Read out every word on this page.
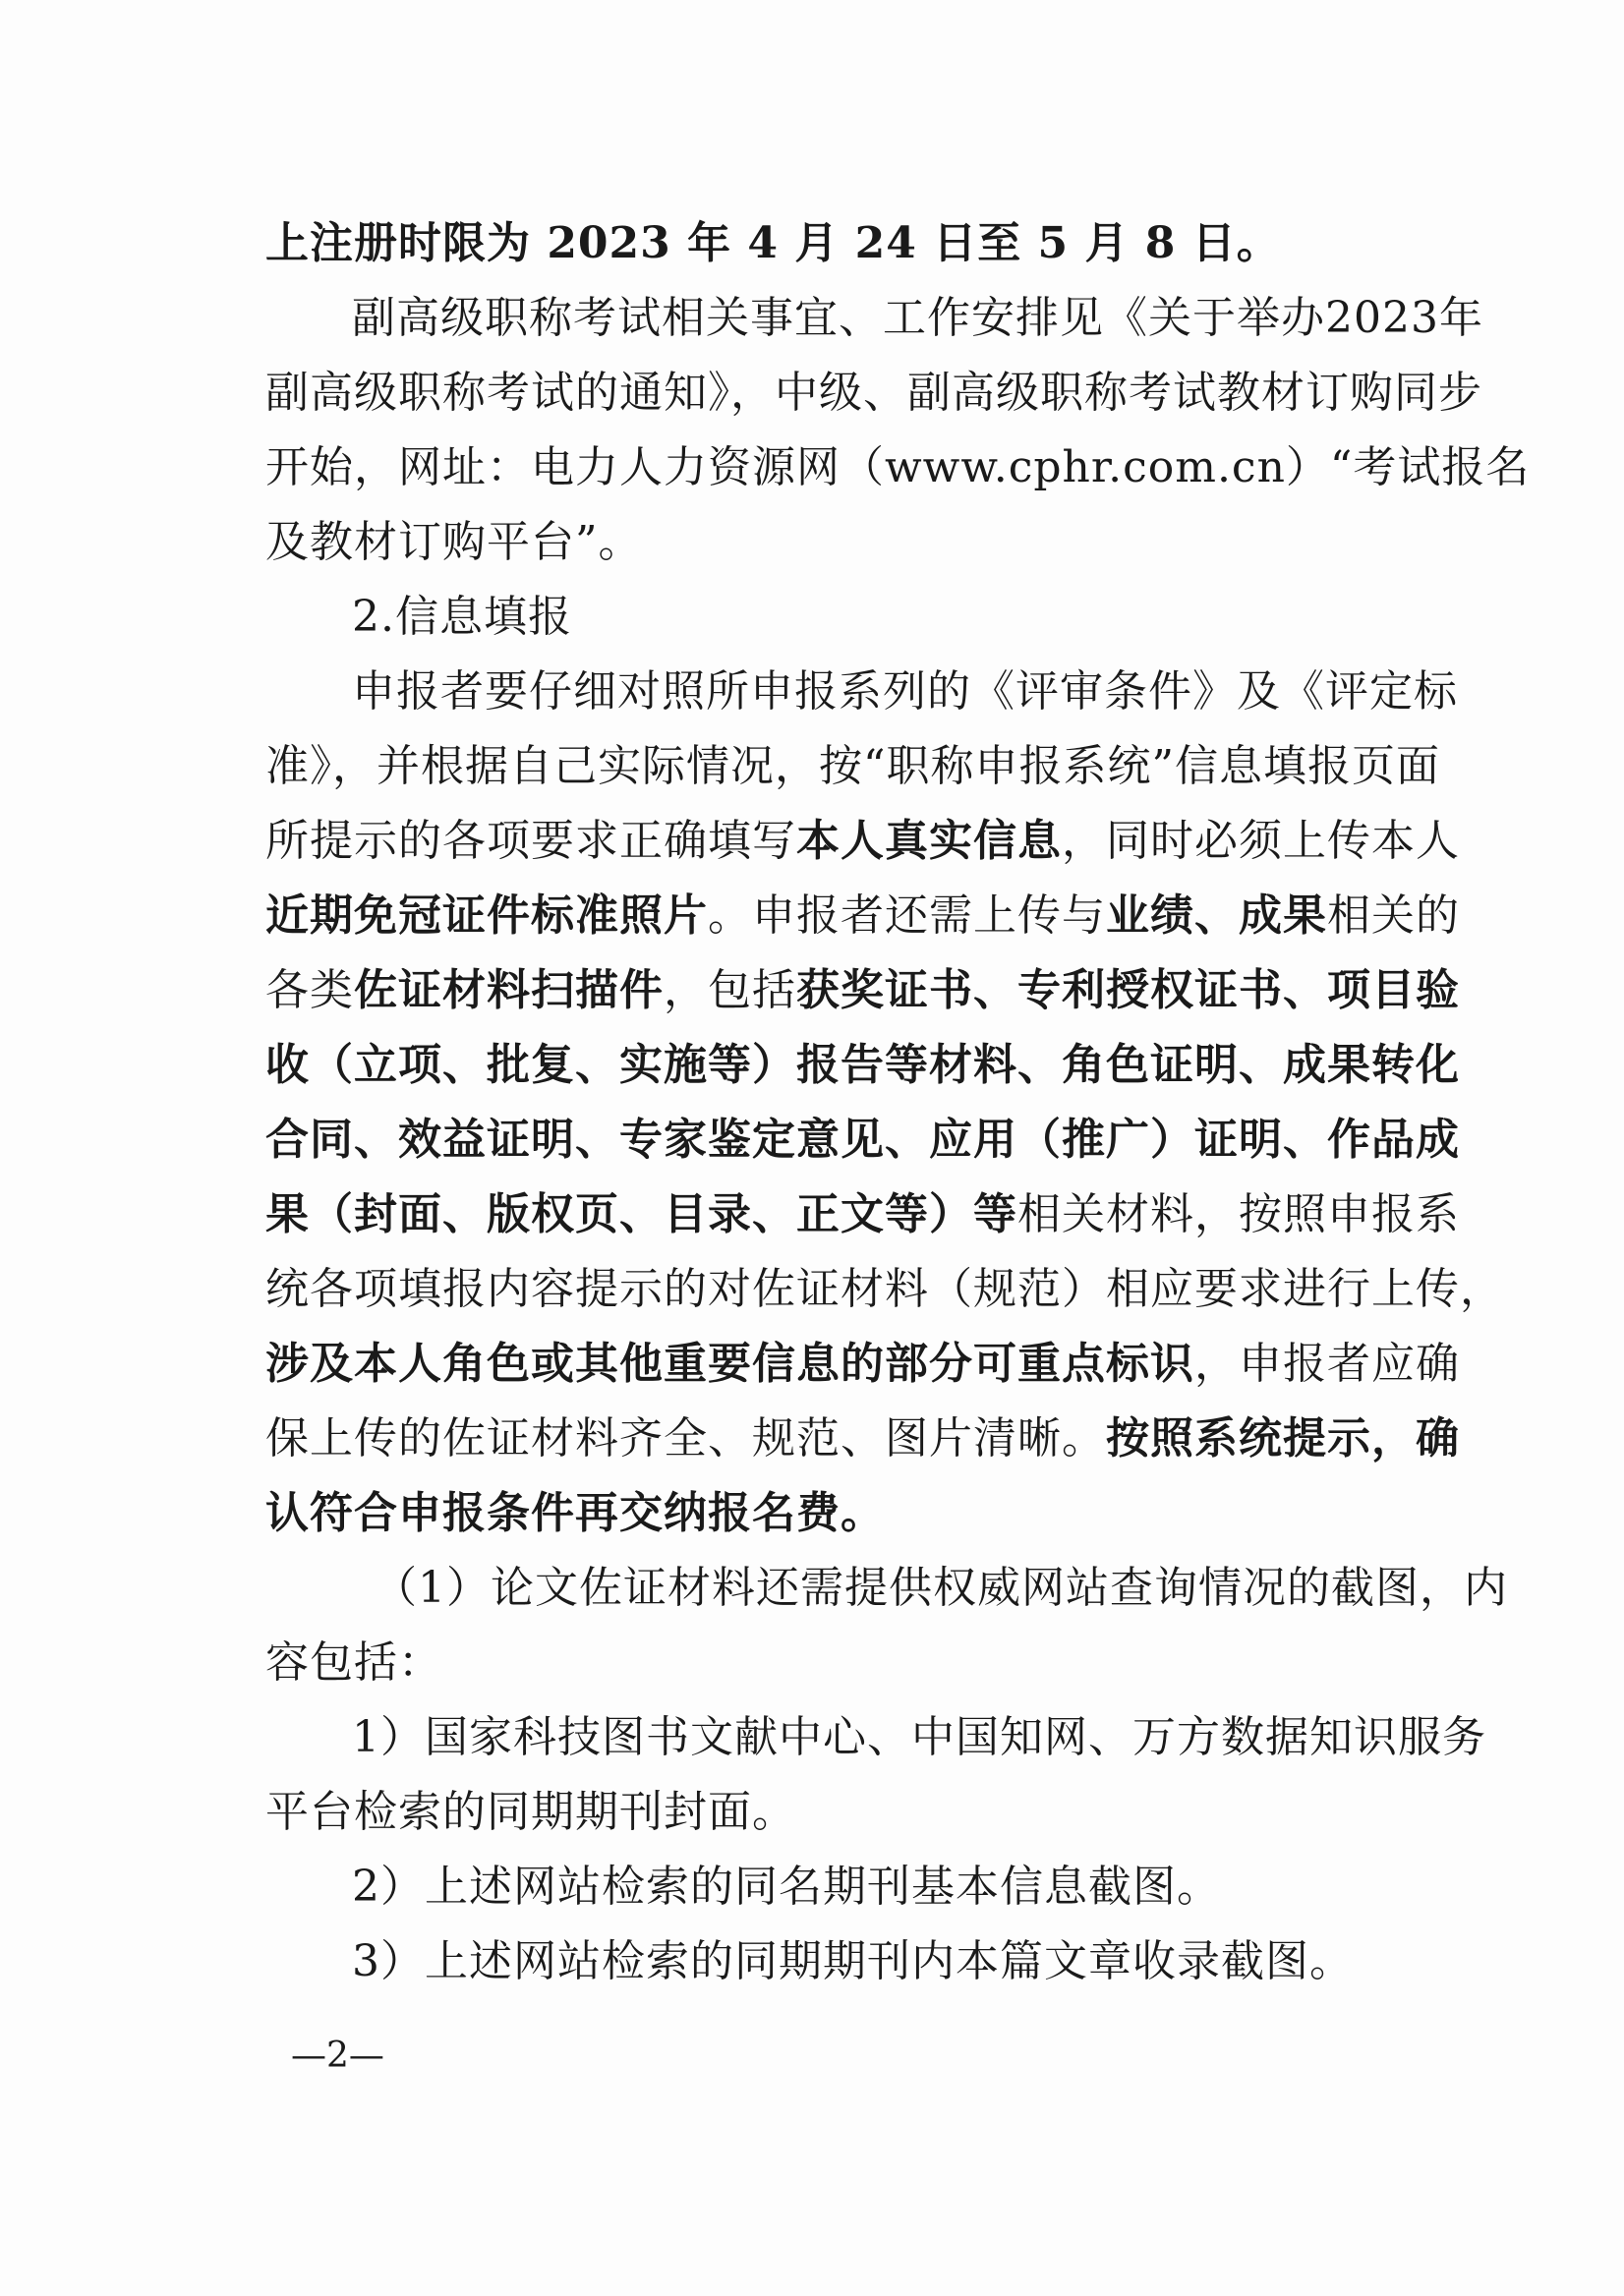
上注册时限为 2023 年 4 月 24 日至 5 月 8 日。
副高级职称考试相关事宜、工作安排见《关于举办2023年
副高级职称考试的通知》，中级、副高级职称考试教材订购同步
开始，网址：电力人力资源网（www.cphr.com.cn）“考试报名
及教材订购平台”。
2.信息填报
申报者要仔细对照所申报系列的《评审条件》及《评定标
准》，并根据自己实际情况，按“职称申报系统”信息填报页面
所提示的各项要求正确填写本人真实信息，同时必须上传本人
近期免冠证件标准照片。申报者还需上传与业绩、成果相关的
各类佐证材料扫描件，包括获奖证书、专利授权证书、项目验
收（立项、批复、实施等）报告等材料、角色证明、成果转化
合同、效益证明、专家鉴定意见、应用（推广）证明、作品成
果（封面、版权页、目录、正文等）等相关材料，按照申报系
统各项填报内容提示的对佐证材料（规范）相应要求进行上传，
涉及本人角色或其他重要信息的部分可重点标识，申报者应确
保上传的佐证材料齐全、规范、图片清晰。按照系统提示，确
认符合申报条件再交纳报名费。
（1）论文佐证材料还需提供权威网站查询情况的截图，内
容包括：
1）国家科技图书文献中心、中国知网、万方数据知识服务
平台检索的同期期刊封面。
2）上述网站检索的同名期刊基本信息截图。
3）上述网站检索的同期期刊内本篇文章收录截图。
—2—
